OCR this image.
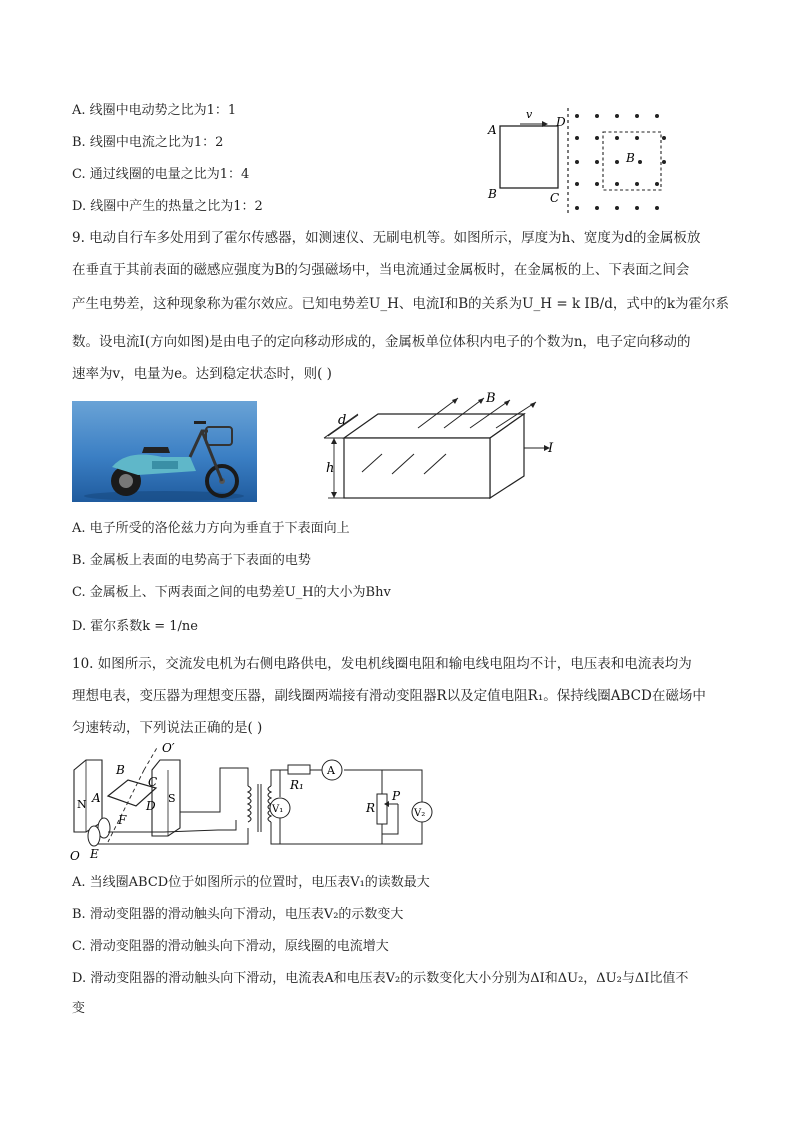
A. 线圈中电动势之比为1：1
B. 线圈中电流之比为1：2
C. 通过线圈的电量之比为1：4
D. 线圈中产生的热量之比为1：2
A
B	C
D
v
B
9. 电动自行车多处用到了霍尔传感器，如测速仪、无刷电机等。如图所示，厚度为h、宽度为d的金属板放
在垂直于其前表面的磁感应强度为B的匀强磁场中，当电流通过金属板时，在金属板的上、下表面之间会
产生电势差，这种现象称为霍尔效应。已知电势差U_H、电流I和B的关系为U_H = k IB/d，式中的k为霍尔系
数。设电流I(方向如图)是由电子的定向移动形成的，金属板单位体积内电子的个数为n，电子定向移动的
速率为v，电量为e。达到稳定状态时，则( )
B
I
d
h
A. 电子所受的洛伦兹力方向为垂直于下表面向上
B. 金属板上表面的电势高于下表面的电势
C. 金属板上、下两表面之间的电势差U_H的大小为Bhv
D. 霍尔系数k = 1/ne
10. 如图所示，交流发电机为右侧电路供电，发电机线圈电阻和输电线电阻均不计，电压表和电流表均为
理想电表，变压器为理想变压器，副线圈两端接有滑动变阻器R以及定值电阻R₁。保持线圈ABCD在磁场中
匀速转动，下列说法正确的是( )
N	S
O′
B
A
C
D
F
O E
R₁
A
V₁	R
P
V₂
A. 当线圈ABCD位于如图所示的位置时，电压表V₁的读数最大
B. 滑动变阻器的滑动触头向下滑动，电压表V₂的示数变大
C. 滑动变阻器的滑动触头向下滑动，原线圈的电流增大
D. 滑动变阻器的滑动触头向下滑动，电流表A和电压表V₂的示数变化大小分别为ΔI和ΔU₂，ΔU₂与ΔI比值不
变
